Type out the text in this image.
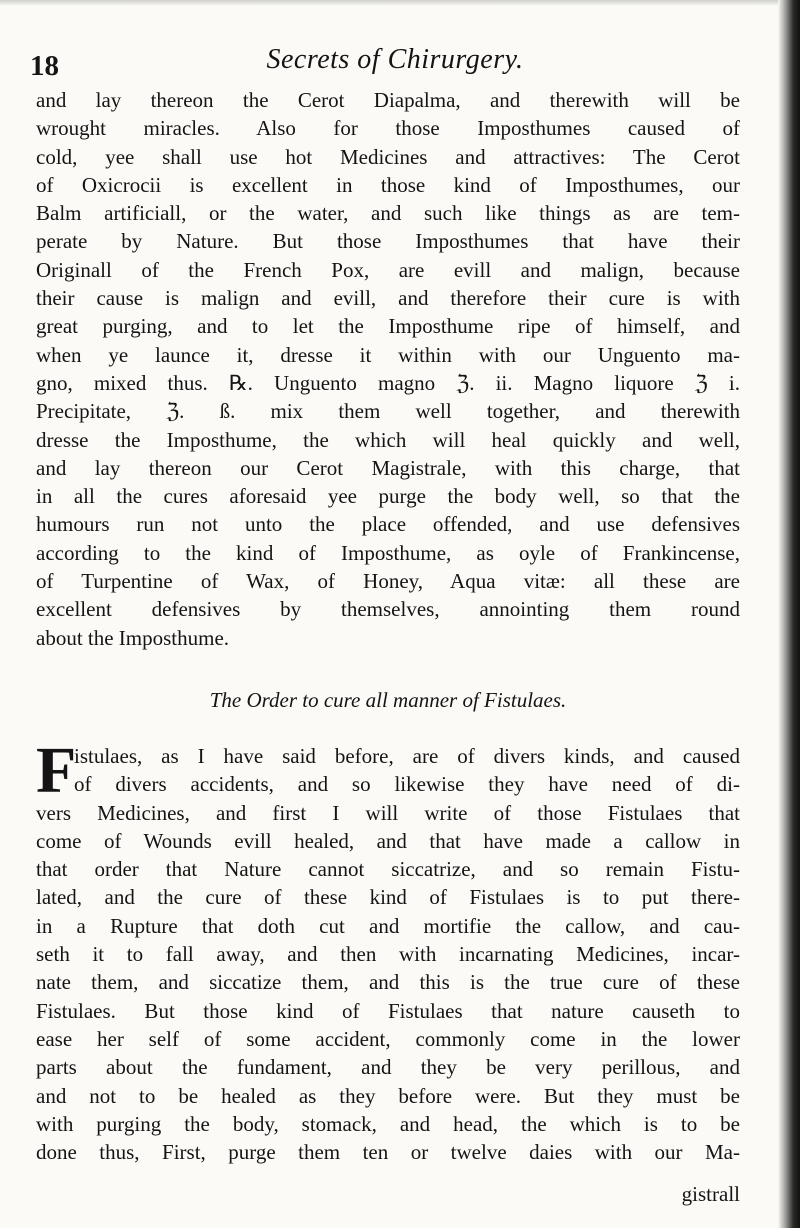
18	Secrets of Chirurgery.
and lay thereon the Cerot Diapalma, and therewith will be
wrought miracles. Also for those Imposthumes caused of
cold, yee shall use hot Medicines and attractives: The Cerot
of Oxicrocii is excellent in those kind of Imposthumes, our
Balm artificiall, or the water, and such like things as are tem-
perate by Nature. But those Imposthumes that have their
Originall of the French Pox, are evill and malign, because
their cause is malign and evill, and therefore their cure is with
great purging, and to let the Imposthume ripe of himself, and
when ye launce it, dresse it within with our Unguento ma-
gno, mixed thus. ℞. Unguento magno ℨ. ii. Magno liquore ℨ i.
Precipitate, ℨ. ß. mix them well together, and therewith
dresse the Imposthume, the which will heal quickly and well,
and lay thereon our Cerot Magistrale, with this charge, that
in all the cures aforesaid yee purge the body well, so that the
humours run not unto the place offended, and use defensives
according to the kind of Imposthume, as oyle of Frankincense,
of Turpentine of Wax, of Honey, Aqua vitæ: all these are
excellent defensives by themselves, annointing them round
about the Imposthume.
The Order to cure all manner of Fistulaes.
F
istulaes, as I have said before, are of divers kinds, and caused
of divers accidents, and so likewise they have need of di-
vers Medicines, and first I will write of those Fistulaes that
come of Wounds evill healed, and that have made a callow in
that order that Nature cannot siccatrize, and so remain Fistu-
lated, and the cure of these kind of Fistulaes is to put there-
in a Rupture that doth cut and mortifie the callow, and cau-
seth it to fall away, and then with incarnating Medicines, incar-
nate them, and siccatize them, and this is the true cure of these
Fistulaes. But those kind of Fistulaes that nature causeth to
ease her self of some accident, commonly come in the lower
parts about the fundament, and they be very perillous, and
and not to be healed as they before were. But they must be
with purging the body, stomack, and head, the which is to be
done thus, First, purge them ten or twelve daies with our Ma-
gistrall
